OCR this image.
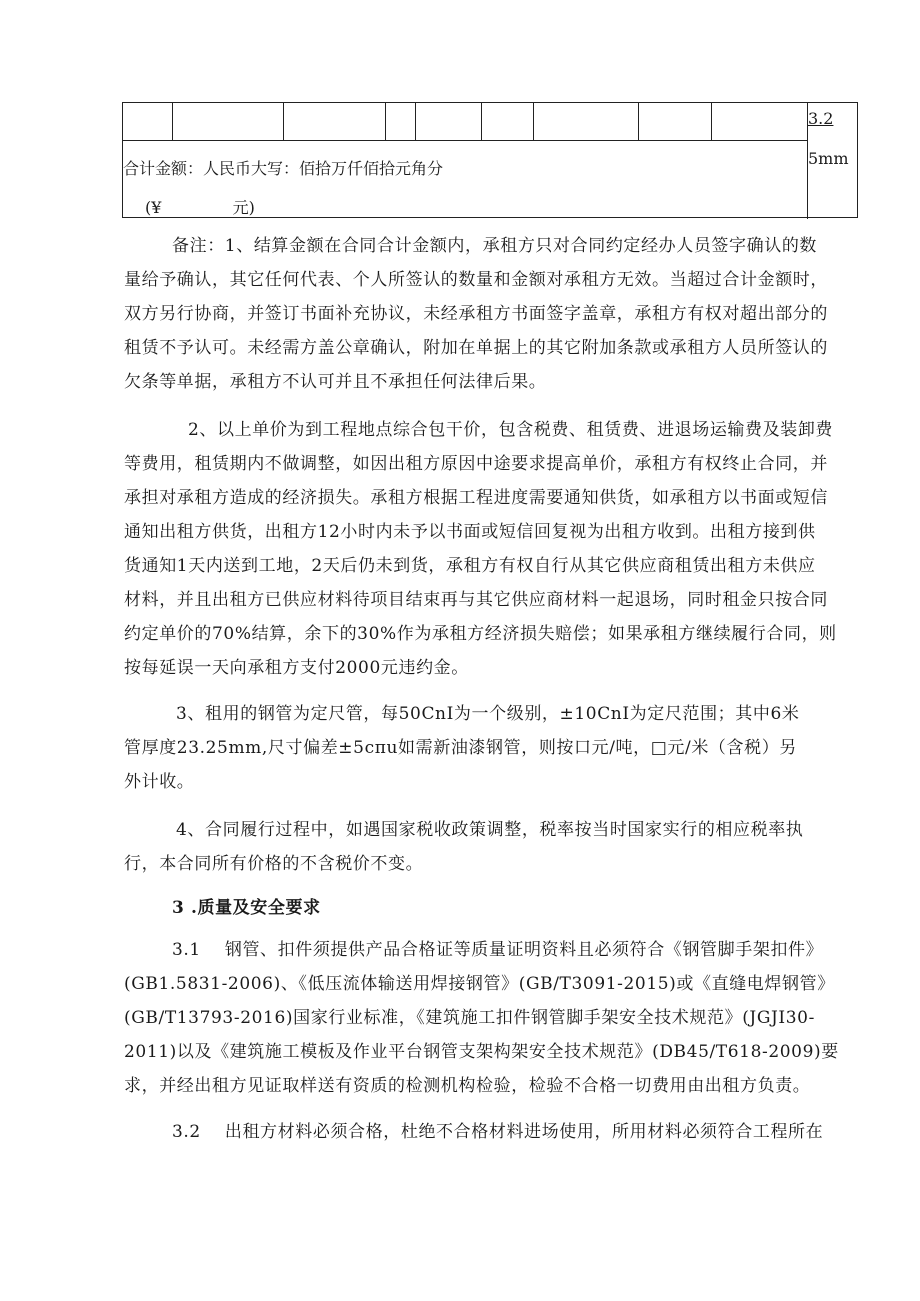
3.2
5mm
合计金额：人民币大写：佰拾万仟佰拾元角分
(¥              元)
备注：1、结算金额在合同合计金额内，承租方只对合同约定经办人员签字确认的数
量给予确认，其它任何代表、个人所签认的数量和金额对承租方无效。当超过合计金额时，
双方另行协商，并签订书面补充协议，未经承租方书面签字盖章，承租方有权对超出部分的
租赁不予认可。未经需方盖公章确认，附加在单据上的其它附加条款或承租方人员所签认的
欠条等单据，承租方不认可并且不承担任何法律后果。
2、以上单价为到工程地点综合包干价，包含税费、租赁费、进退场运输费及装卸费
等费用，租赁期内不做调整，如因出租方原因中途要求提高单价，承租方有权终止合同，并
承担对承租方造成的经济损失。承租方根据工程进度需要通知供货，如承租方以书面或短信
通知出租方供货，出租方12小时内未予以书面或短信回复视为出租方收到。出租方接到供
货通知1天内送到工地，2天后仍未到货，承租方有权自行从其它供应商租赁出租方未供应
材料，并且出租方已供应材料待项目结束再与其它供应商材料一起退场，同时租金只按合同
约定单价的70%结算，余下的30%作为承租方经济损失赔偿；如果承租方继续履行合同，则
按每延误一天向承租方支付2000元违约金。
3、租用的钢管为定尺管，每50CnI为一个级别，±10CnI为定尺范围；其中6米
管厚度23.25mm,尺寸偏差±5cπu如需新油漆钢管，则按口元/吨，□元/米（含税）另
外计收。
4、合同履行过程中，如遇国家税收政策调整，税率按当时国家实行的相应税率执
行，本合同所有价格的不含税价不变。
3 .质量及安全要求
3.1    钢管、扣件须提供产品合格证等质量证明资料且必须符合《钢管脚手架扣件》
(GB1.5831-2006)、《低压流体输送用焊接钢管》(GB/T3091-2015)或《直缝电焊钢管》
(GB/T13793-2016)国家行业标准，《建筑施工扣件钢管脚手架安全技术规范》(JGJI30-
2011)以及《建筑施工模板及作业平台钢管支架构架安全技术规范》(DB45/T618-2009)要
求，并经出租方见证取样送有资质的检测机构检验，检验不合格一切费用由出租方负责。
3.2    出租方材料必须合格，杜绝不合格材料进场使用，所用材料必须符合工程所在
